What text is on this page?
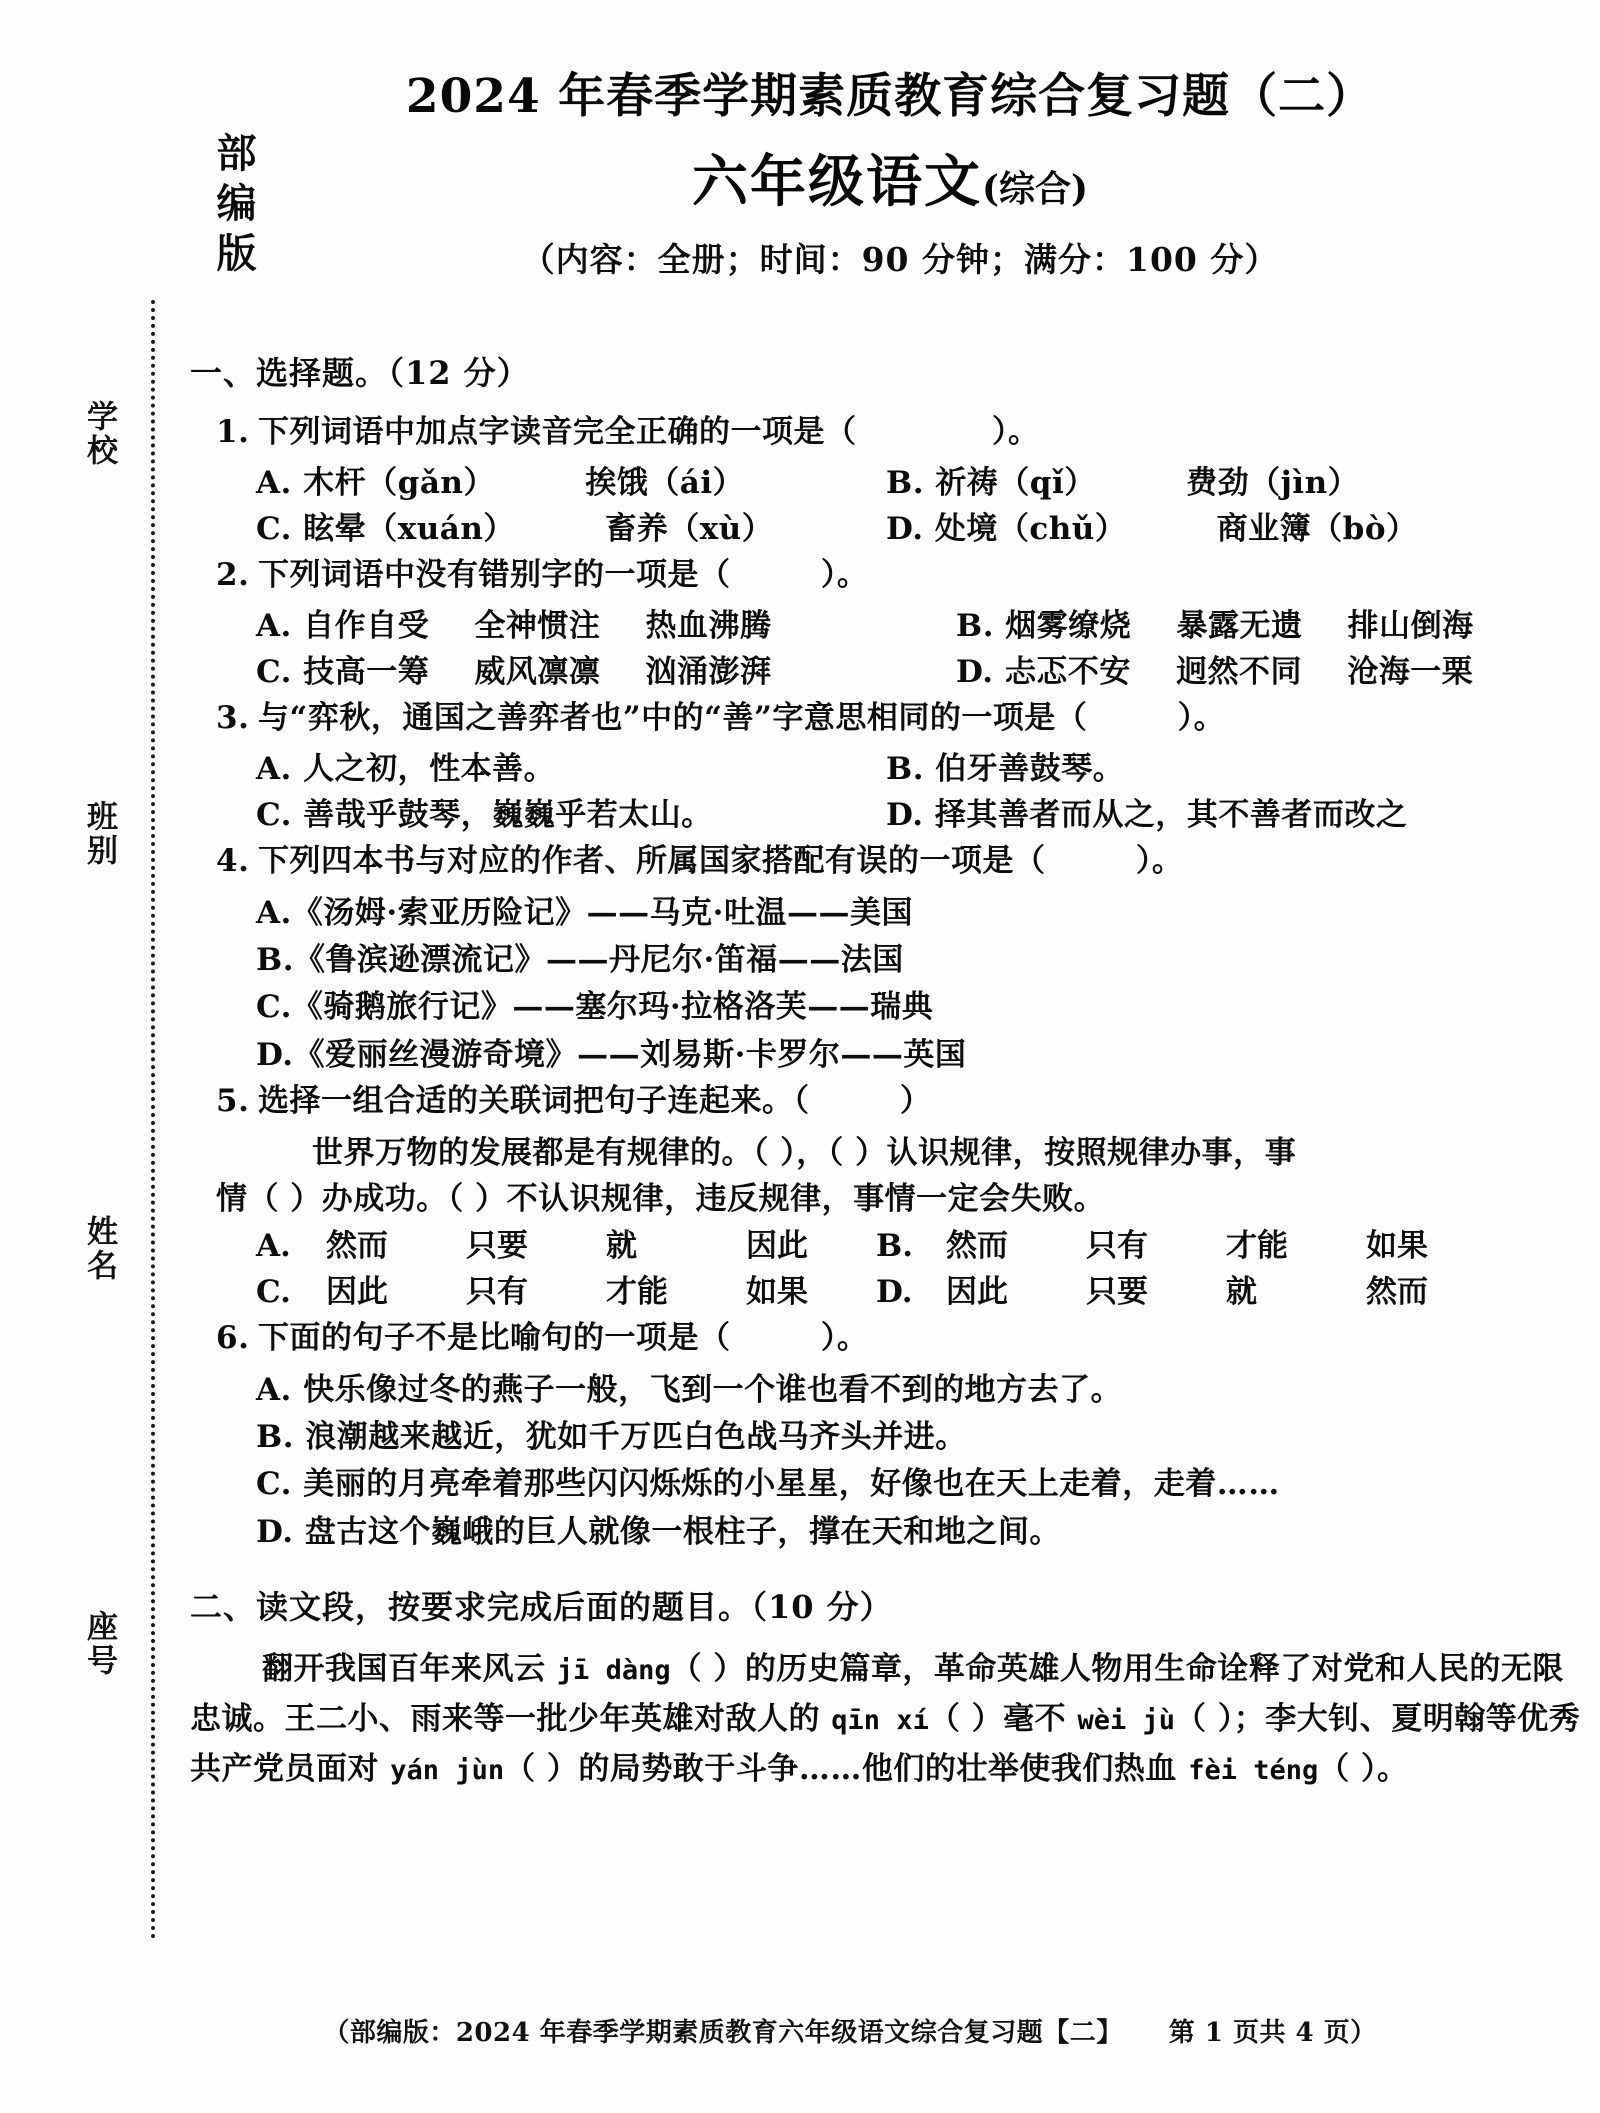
学校
班别
姓名
座号
部编版
2024 年春季学期素质教育综合复习题（二）
六年级语文(综合)
（内容：全册；时间：90 分钟；满分：100 分）
一、选择题。（12 分）
1. 下列词语中加点字读音完全正确的一项是（            ）。
A. 木杆（gǎn）        挨饿（ái）	B. 祈祷（qǐ）        费劲（jìn）
C. 眩晕（xuán）        畜养（xù）	D. 处境（chǔ）        商业簿（bò）
2. 下列词语中没有错别字的一项是（        ）。
A. 自作自受    全神惯注    热血沸腾	B. 烟雾缭烧    暴露无遗    排山倒海
C. 技高一筹    威风凛凛    汹涌澎湃	D. 忐忑不安    迥然不同    沧海一栗
3. 与“弈秋，通国之善弈者也”中的“善”字意思相同的一项是（        ）。
A. 人之初，性本善。	B. 伯牙善鼓琴。
C. 善哉乎鼓琴，巍巍乎若太山。	D. 择其善者而从之，其不善者而改之
4. 下列四本书与对应的作者、所属国家搭配有误的一项是（        ）。
A.《汤姆·索亚历险记》——马克·吐温——美国
B.《鲁滨逊漂流记》——丹尼尔·笛福——法国
C.《骑鹅旅行记》——塞尔玛·拉格洛芙——瑞典
D.《爱丽丝漫游奇境》——刘易斯·卡罗尔——英国
5. 选择一组合适的关联词把句子连起来。（        ）
世界万物的发展都是有规律的。（ ），（ ）认识规律，按照规律办事，事
情（ ）办成功。（ ）不认识规律，违反规律，事情一定会失败。
A.	然而	只要	就	因此	B.	然而	只有	才能	如果
C.	因此	只有	才能	如果	D.	因此	只要	就	然而
6. 下面的句子不是比喻句的一项是（        ）。
A. 快乐像过冬的燕子一般，飞到一个谁也看不到的地方去了。
B. 浪潮越来越近，犹如千万匹白色战马齐头并进。
C. 美丽的月亮牵着那些闪闪烁烁的小星星，好像也在天上走着，走着……
D. 盘古这个巍峨的巨人就像一根柱子，撑在天和地之间。
二、读文段，按要求完成后面的题目。（10 分）
翻开我国百年来风云 jī dàng（ ）的历史篇章，革命英雄人物用生命诠释了对党和人民的无限忠诚。王二小、雨来等一批少年英雄对敌人的 qīn xí（ ）毫不 wèi jù（ ）；李大钊、夏明翰等优秀共产党员面对 yán jùn（ ）的局势敢于斗争……他们的壮举使我们热血 fèi téng（ ）。
（部编版：2024 年春季学期素质教育六年级语文综合复习题【二】 第 1 页共 4 页）
